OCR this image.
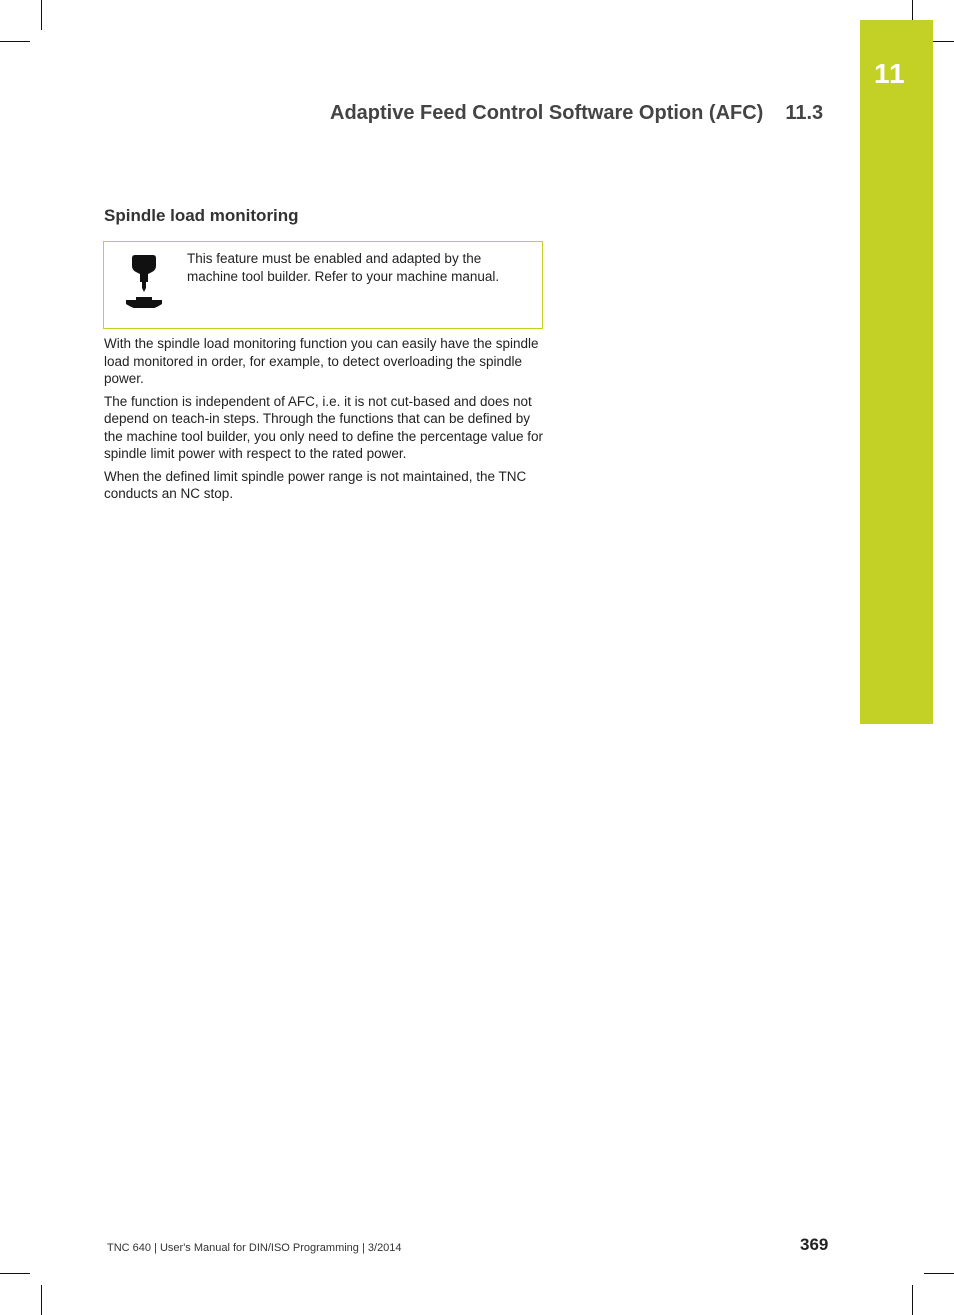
11
Adaptive Feed Control Software Option (AFC) 11.3
Spindle load monitoring
This feature must be enabled and adapted by the machine tool builder. Refer to your machine manual.

With the spindle load monitoring function you can easily have the spindle load monitored in order, for example, to detect overloading the spindle power.

The function is independent of AFC, i.e. it is not cut-based and does not depend on teach-in steps. Through the functions that can be defined by the machine tool builder, you only need to define the percentage value for spindle limit power with respect to the rated power.

When the defined limit spindle power range is not maintained, the TNC conducts an NC stop.

TNC 640 | User's Manual for DIN/ISO Programming | 3/2014	369
